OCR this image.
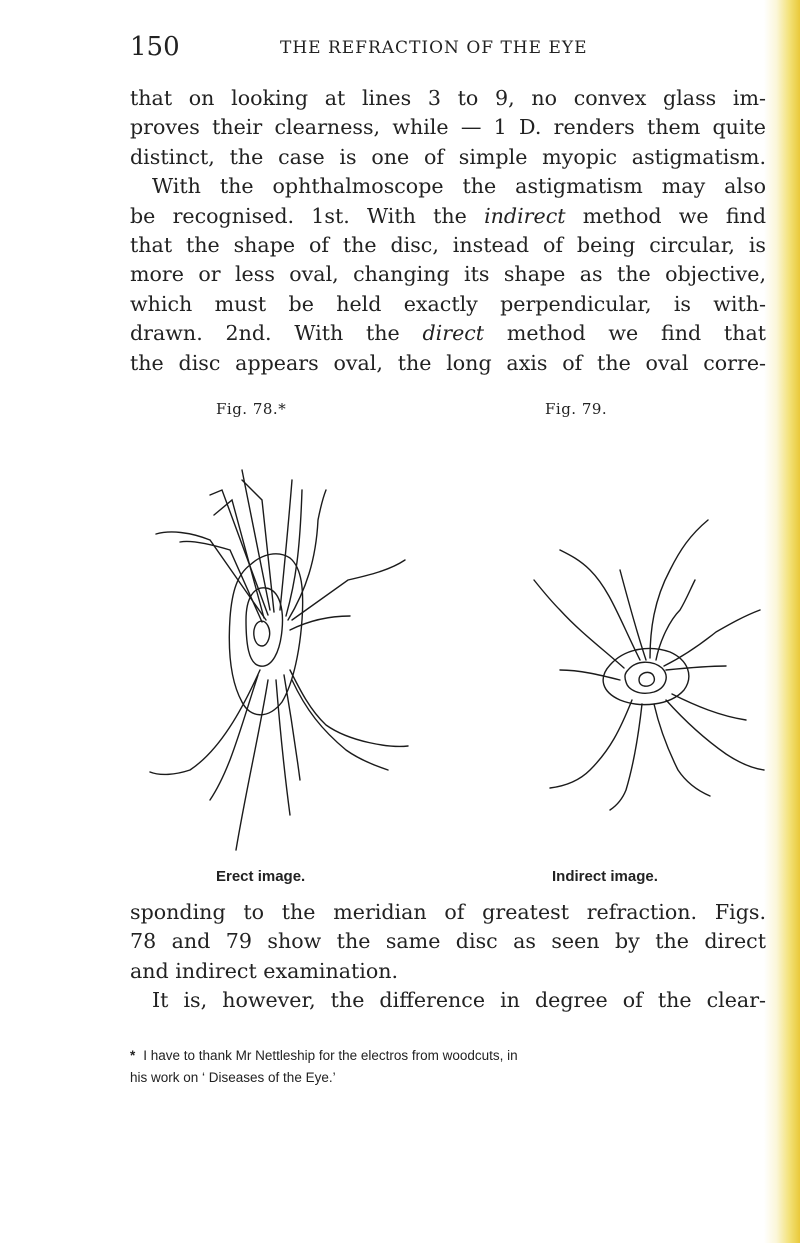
150	THE REFRACTION OF THE EYE
that on looking at lines 3 to 9, no convex glass im-
proves their clearness, while — 1 D. renders them quite
distinct, the case is one of simple myopic astigmatism.
With the ophthalmoscope the astigmatism may also
be recognised. 1st. With the indirect method we find
that the shape of the disc, instead of being circular, is
more or less oval, changing its shape as the objective,
which must be held exactly perpendicular, is with-
drawn. 2nd. With the direct method we find that
the disc appears oval, the long axis of the oval corre-
Fig. 78.*	Fig. 79.
Erect image.	Indirect image.
sponding to the meridian of greatest refraction. Figs.
78 and 79 show the same disc as seen by the direct
and indirect examination.
It is, however, the difference in degree of the clear-
* I have to thank Mr Nettleship for the electros from woodcuts, in
his work on ‘ Diseases of the Eye.’
